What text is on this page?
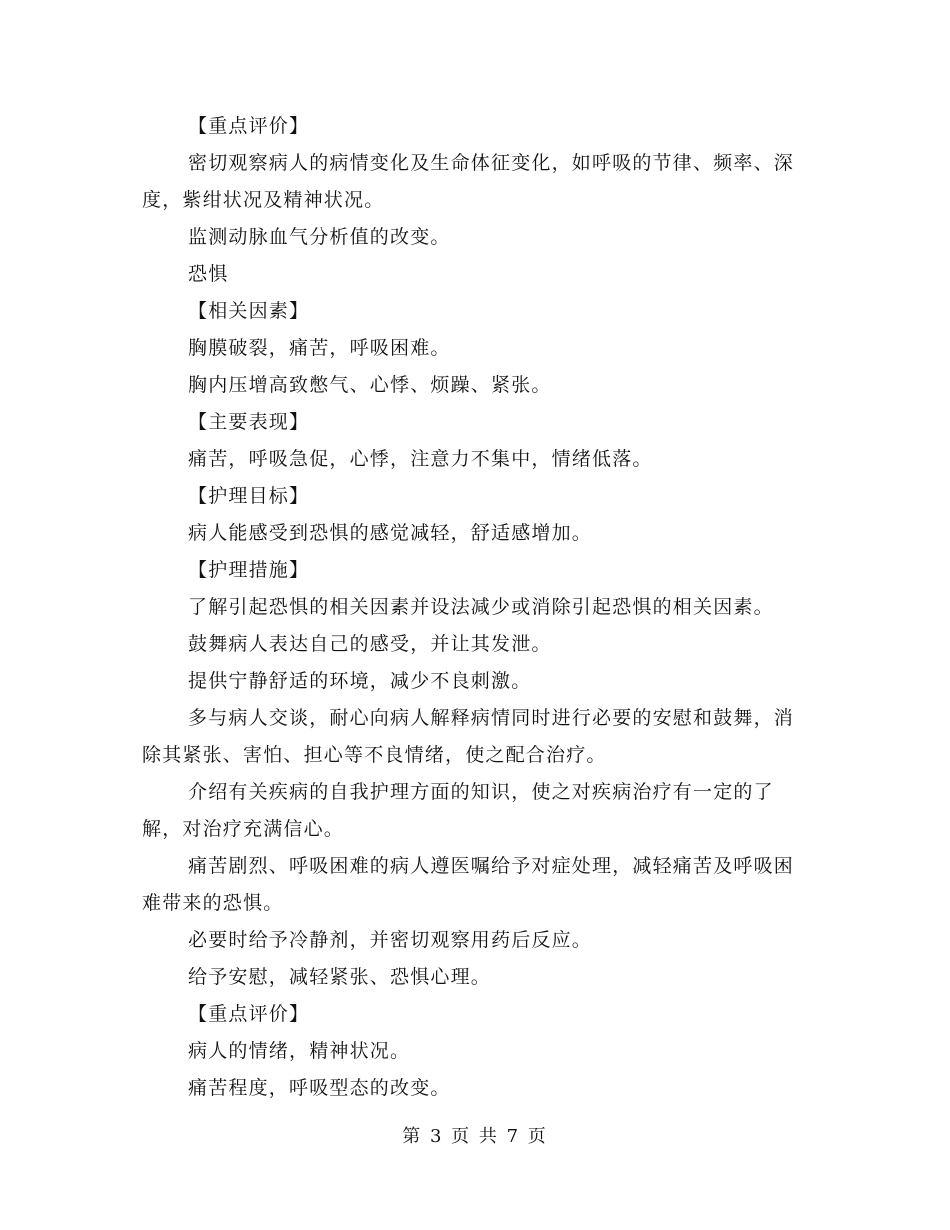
【重点评价】

密切观察病人的病情变化及生命体征变化，如呼吸的节律、频率、深度，紫绀状况及精神状况。

监测动脉血气分析值的改变。

恐惧

【相关因素】

胸膜破裂，痛苦，呼吸困难。

胸内压增高致憋气、心悸、烦躁、紧张。

【主要表现】

痛苦，呼吸急促，心悸，注意力不集中，情绪低落。

【护理目标】

病人能感受到恐惧的感觉减轻，舒适感增加。

【护理措施】

了解引起恐惧的相关因素并设法减少或消除引起恐惧的相关因素。

鼓舞病人表达自己的感受，并让其发泄。

提供宁静舒适的环境，减少不良刺激。

多与病人交谈，耐心向病人解释病情同时进行必要的安慰和鼓舞，消除其紧张、害怕、担心等不良情绪，使之配合治疗。

介绍有关疾病的自我护理方面的知识，使之对疾病治疗有一定的了解，对治疗充满信心。

痛苦剧烈、呼吸困难的病人遵医嘱给予对症处理，减轻痛苦及呼吸困难带来的恐惧。

必要时给予冷静剂，并密切观察用药后反应。

给予安慰，减轻紧张、恐惧心理。

【重点评价】

病人的情绪，精神状况。

痛苦程度，呼吸型态的改变。

第 3 页 共 7 页
